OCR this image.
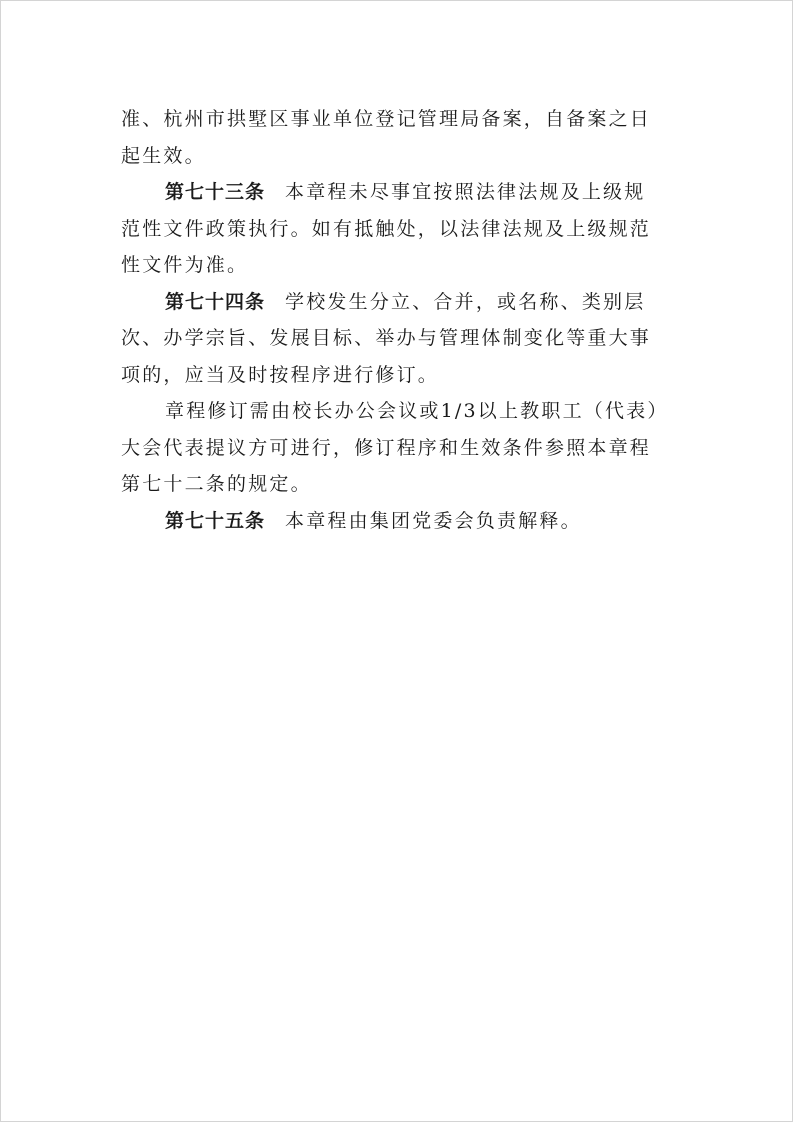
准、杭州市拱墅区事业单位登记管理局备案，自备案之日
起生效。
第七十三条 本章程未尽事宜按照法律法规及上级规
范性文件政策执行。如有抵触处，以法律法规及上级规范
性文件为准。
第七十四条 学校发生分立、合并，或名称、类别层
次、办学宗旨、发展目标、举办与管理体制变化等重大事
项的，应当及时按程序进行修订。
章程修订需由校长办公会议或1/3以上教职工（代表）
大会代表提议方可进行，修订程序和生效条件参照本章程
第七十二条的规定。
第七十五条 本章程由集团党委会负责解释。
